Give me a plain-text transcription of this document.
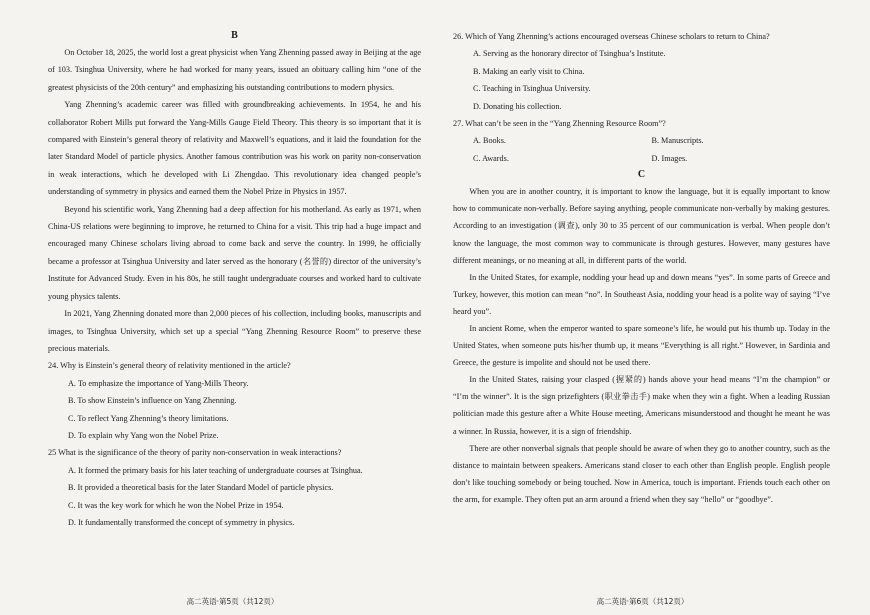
B

On October 18, 2025, the world lost a great physicist when Yang Zhenning passed away in Beijing at the age of 103. Tsinghua University, where he had worked for many years, issued an obituary calling him “one of the greatest physicists of the 20th century” and emphasizing his outstanding contributions to modern physics.

Yang Zhenning’s academic career was filled with groundbreaking achievements. In 1954, he and his collaborator Robert Mills put forward the Yang-Mills Gauge Field Theory. This theory is so important that it is compared with Einstein’s general theory of relativity and Maxwell’s equations, and it laid the foundation for the later Standard Model of particle physics. Another famous contribution was his work on parity non-conservation in weak interactions, which he developed with Li Zhengdao. This revolutionary idea changed people’s understanding of symmetry in physics and earned them the Nobel Prize in Physics in 1957.

Beyond his scientific work, Yang Zhenning had a deep affection for his motherland. As early as 1971, when China-US relations were beginning to improve, he returned to China for a visit. This trip had a huge impact and encouraged many Chinese scholars living abroad to come back and serve the country. In 1999, he officially became a professor at Tsinghua University and later served as the honorary (名誉的) director of the university’s Institute for Advanced Study. Even in his 80s, he still taught undergraduate courses and worked hard to cultivate young physics talents.

In 2021, Yang Zhenning donated more than 2,000 pieces of his collection, including books, manuscripts and images, to Tsinghua University, which set up a special “Yang Zhenning Resource Room” to preserve these precious materials.

24. Why is Einstein’s general theory of relativity mentioned in the article?

A. To emphasize the importance of Yang-Mills Theory.

B. To show Einstein’s influence on Yang Zhenning.

C. To reflect Yang Zhenning’s theory limitations.

D. To explain why Yang won the Nobel Prize.

25 What is the significance of the theory of parity non-conservation in weak interactions?

A. It formed the primary basis for his later teaching of undergraduate courses at Tsinghua.

B. It provided a theoretical basis for the later Standard Model of particle physics.

C. It was the key work for which he won the Nobel Prize in 1954.

D. It fundamentally transformed the concept of symmetry in physics.

高二英语·第5页（共12页）

26. Which of Yang Zhenning’s actions encouraged overseas Chinese scholars to return to China?

A. Serving as the honorary director of Tsinghua’s Institute.

B. Making an early visit to China.

C. Teaching in Tsinghua University.

D. Donating his collection.

27. What can’t be seen in the “Yang Zhenning Resource Room”?

A. Books.	B. Manuscripts.

C. Awards.	D. Images.

C

When you are in another country, it is important to know the language, but it is equally important to know how to communicate non-verbally. Before saying anything, people communicate non-verbally by making gestures. According to an investigation (调查), only 30 to 35 percent of our communication is verbal. When people don’t know the language, the most common way to communicate is through gestures. However, many gestures have different meanings, or no meaning at all, in different parts of the world.

In the United States, for example, nodding your head up and down means “yes”. In some parts of Greece and Turkey, however, this motion can mean “no”. In Southeast Asia, nodding your head is a polite way of saying “I’ve heard you”.

In ancient Rome, when the emperor wanted to spare someone’s life, he would put his thumb up. Today in the United States, when someone puts his/her thumb up, it means “Everything is all right.” However, in Sardinia and Greece, the gesture is impolite and should not be used there.

In the United States, raising your clasped (握紧的) hands above your head means “I’m the champion” or “I’m the winner”. It is the sign prizefighters (职业拳击手) make when they win a fight. When a leading Russian politician made this gesture after a White House meeting, Americans misunderstood and thought he meant he was a winner. In Russia, however, it is a sign of friendship.

There are other nonverbal signals that people should be aware of when they go to another country, such as the distance to maintain between speakers. Americans stand closer to each other than English people. English people don’t like touching somebody or being touched. Now in America, touch is important. Friends touch each other on the arm, for example. They often put an arm around a friend when they say “hello” or “goodbye”.

高二英语·第6页（共12页）
